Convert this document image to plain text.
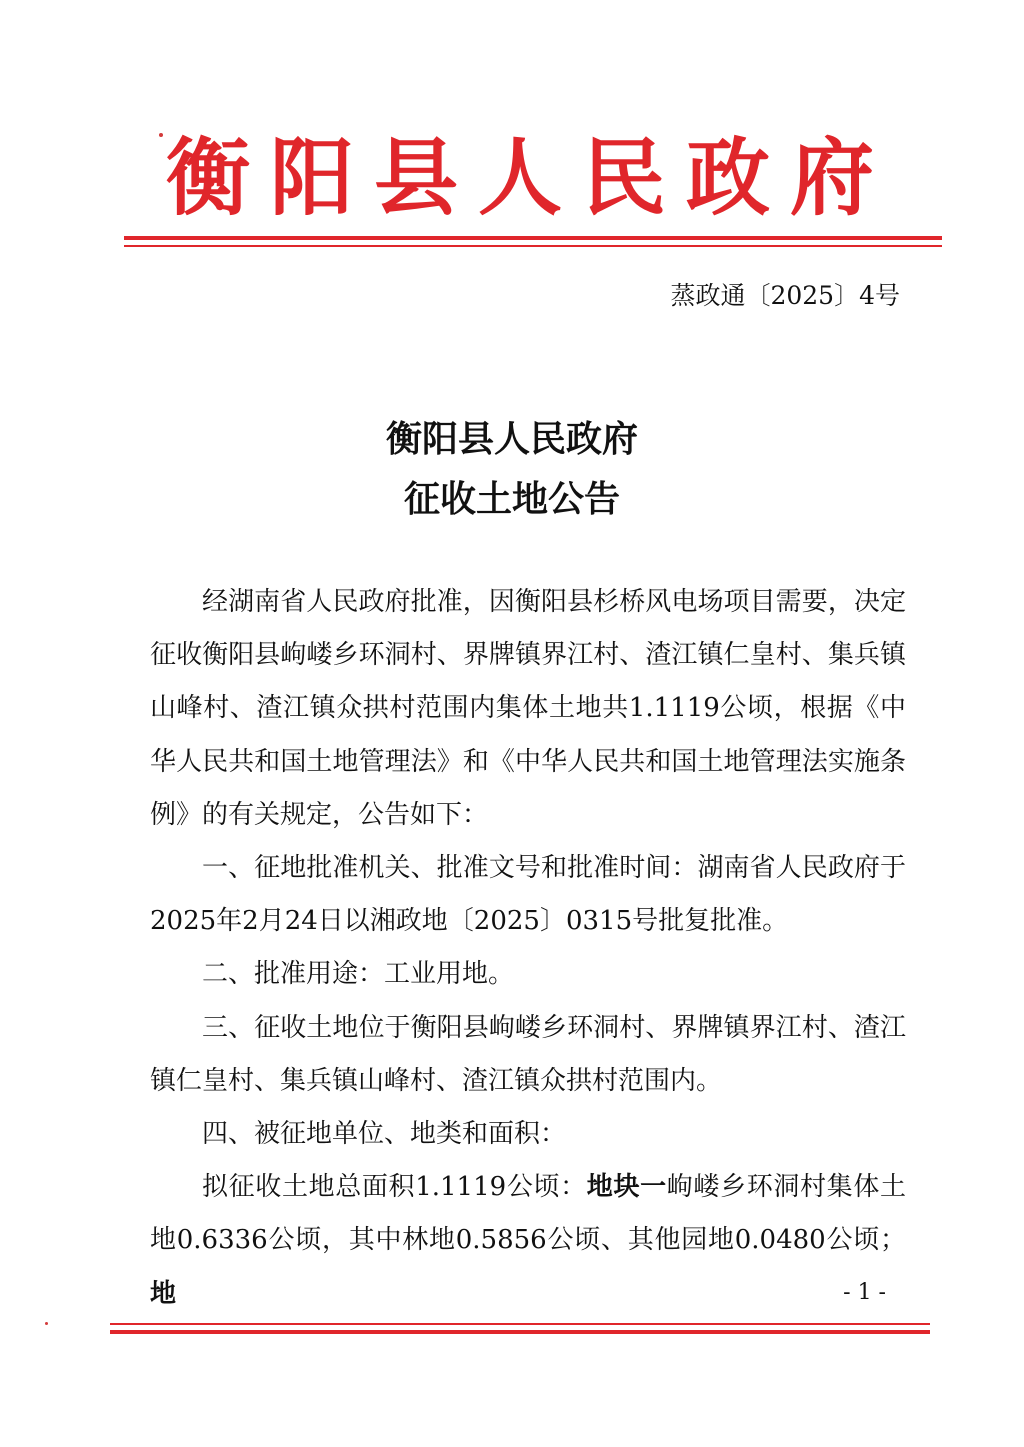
衡阳县人民政府
蒸政通〔2025〕4号
衡阳县人民政府
征收土地公告

经湖南省人民政府批准，因衡阳县杉桥风电场项目需要，决定征收衡阳县岣嵝乡环洞村、界牌镇界江村、渣江镇仁皇村、集兵镇山峰村、渣江镇众拱村范围内集体土地共1.1119公顷，根据《中华人民共和国土地管理法》和《中华人民共和国土地管理法实施条例》的有关规定，公告如下：

一、征地批准机关、批准文号和批准时间：湖南省人民政府于2025年2月24日以湘政地〔2025〕0315号批复批准。

二、批准用途：工业用地。

三、征收土地位于衡阳县岣嵝乡环洞村、界牌镇界江村、渣江镇仁皇村、集兵镇山峰村、渣江镇众拱村范围内。

四、被征地单位、地类和面积：

拟征收土地总面积1.1119公顷：地块一岣嵝乡环洞村集体土地0.6336公顷，其中林地0.5856公顷、其他园地0.0480公顷；地	- 1 -
